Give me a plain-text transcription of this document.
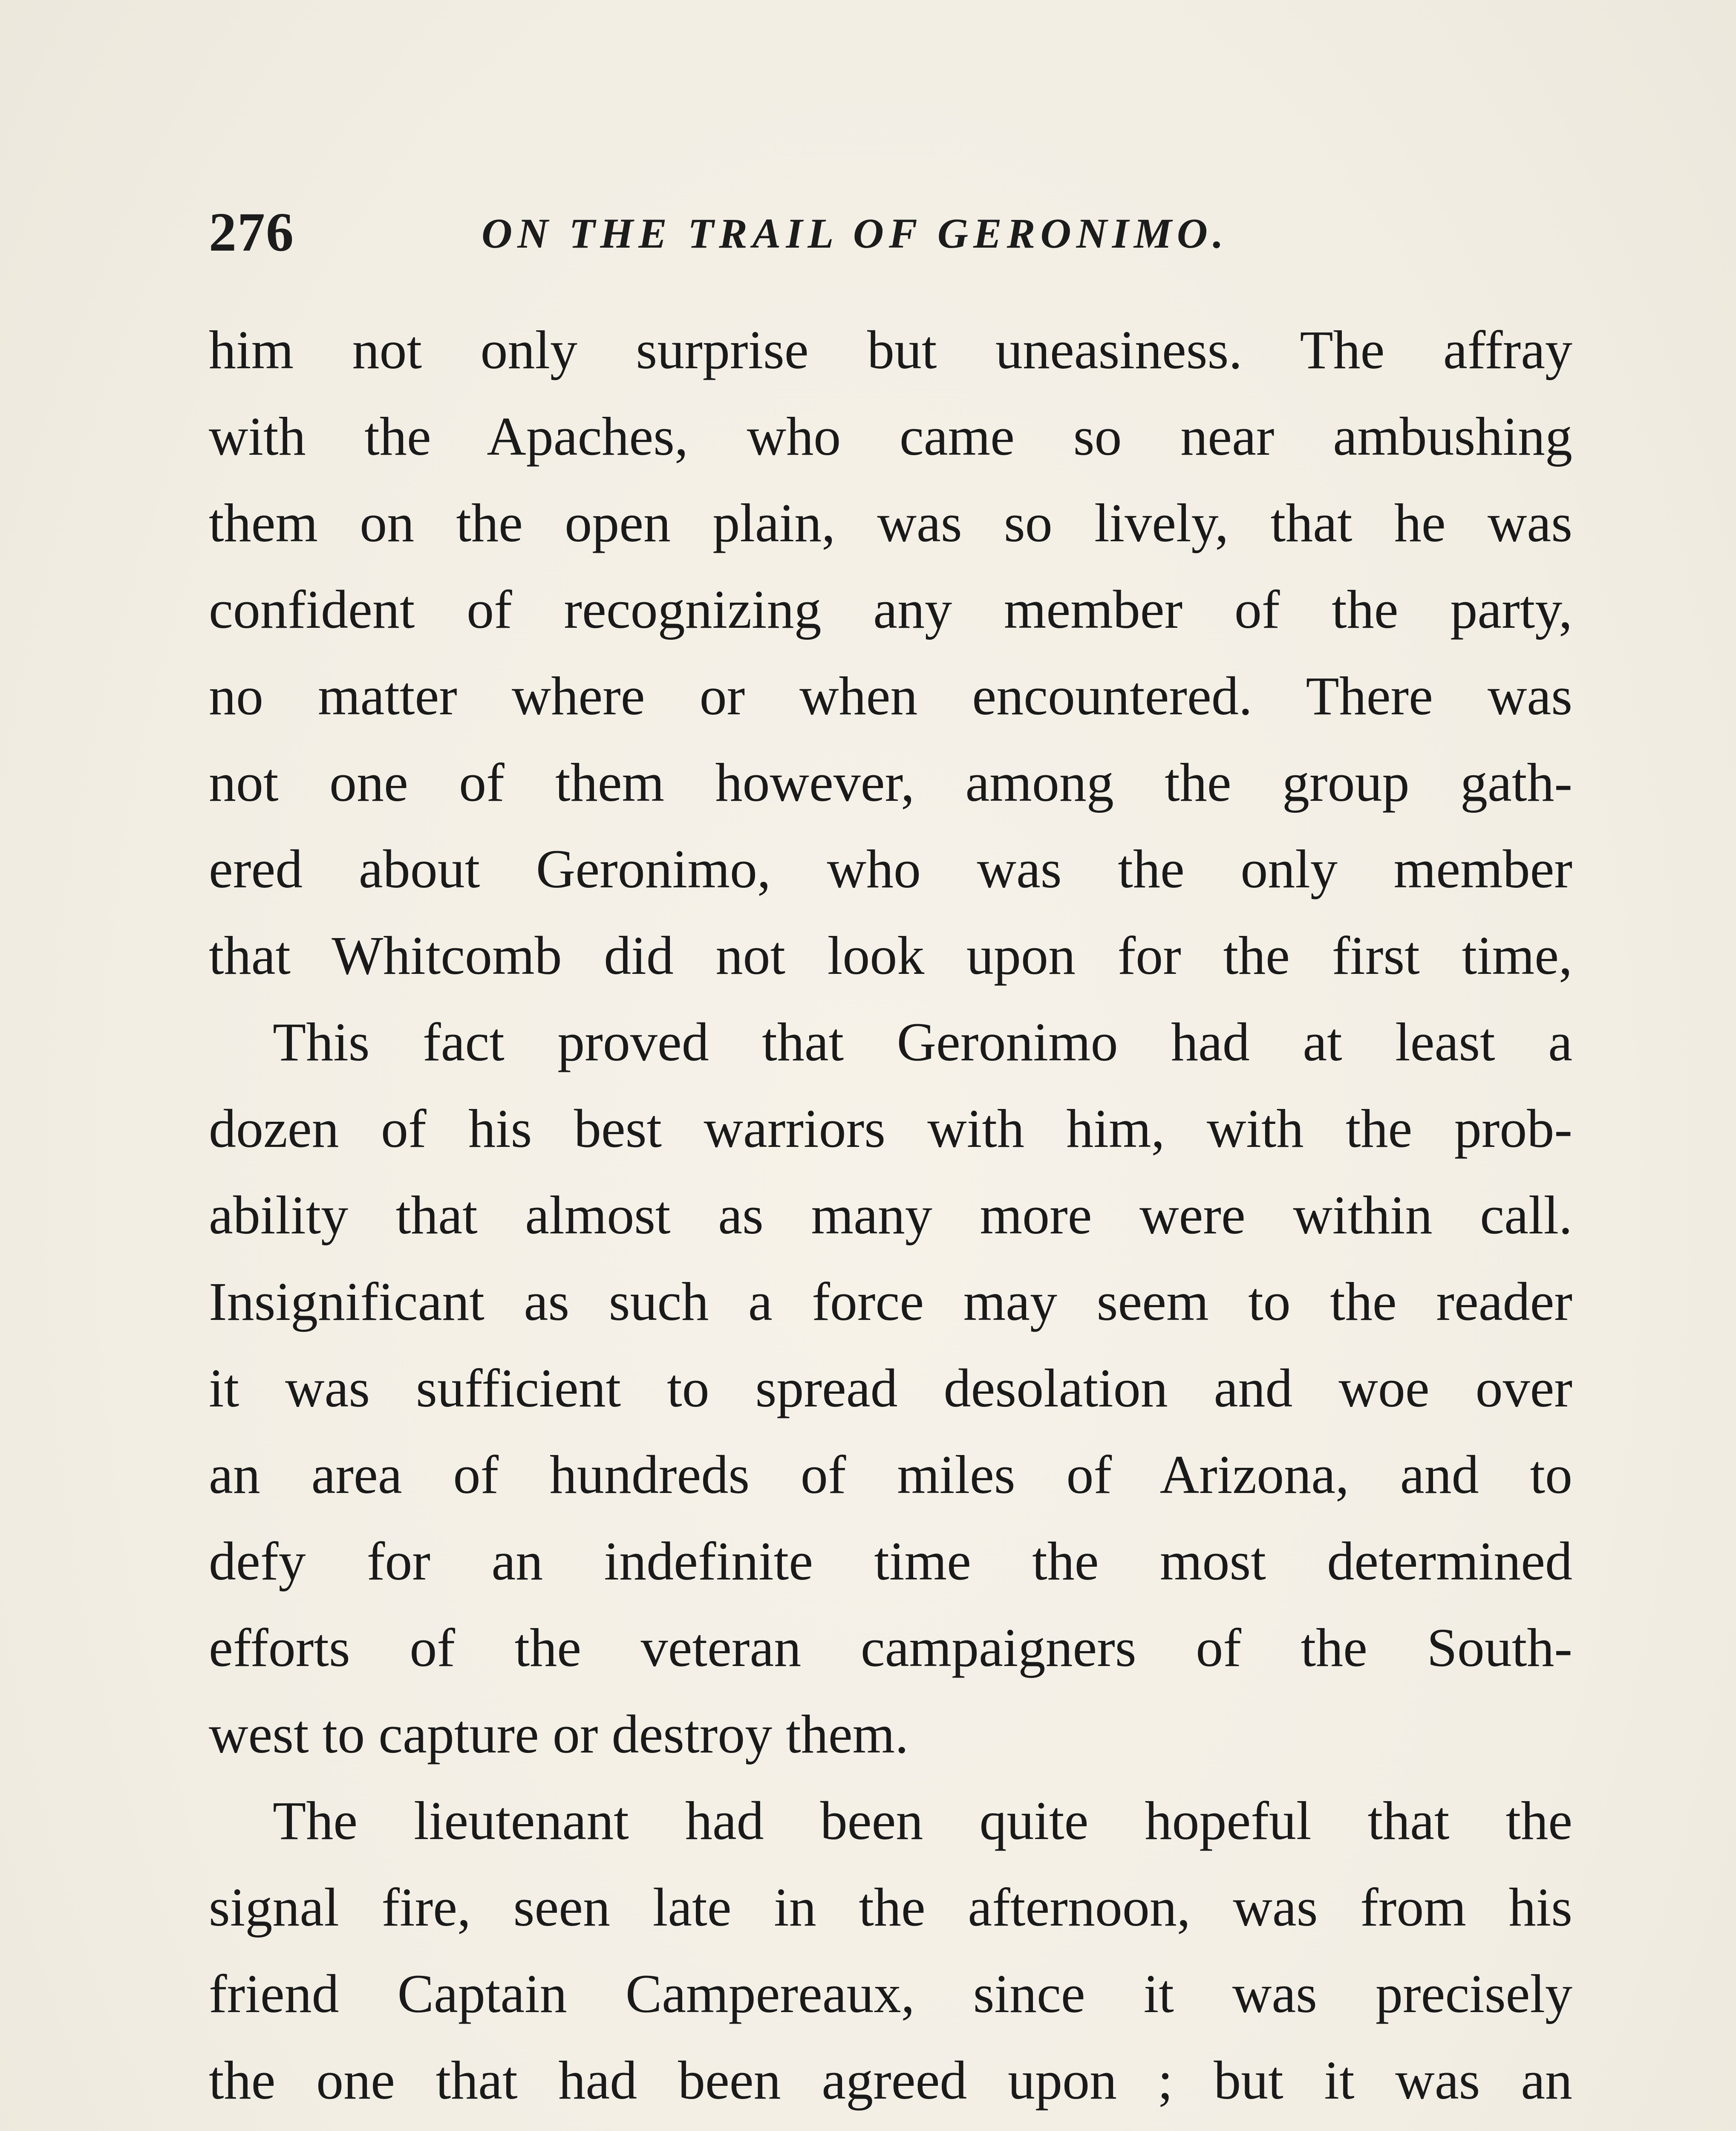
276	ON THE TRAIL OF GERONIMO.
him not only surprise but uneasiness. The affray
with the Apaches, who came so near ambushing
them on the open plain, was so lively, that he was
confident of recognizing any member of the party,
no matter where or when encountered. There was
not one of them however, among the group gath-
ered about Geronimo, who was the only member
that Whitcomb did not look upon for the first time,
This fact proved that Geronimo had at least a
dozen of his best warriors with him, with the prob-
ability that almost as many more were within call.
Insignificant as such a force may seem to the reader
it was sufficient to spread desolation and woe over
an area of hundreds of miles of Arizona, and to
defy for an indefinite time the most determined
efforts of the veteran campaigners of the South-
west to capture or destroy them.
The lieutenant had been quite hopeful that the
signal fire, seen late in the afternoon, was from his
friend Captain Campereaux, since it was precisely
the one that had been agreed upon ; but it was an
